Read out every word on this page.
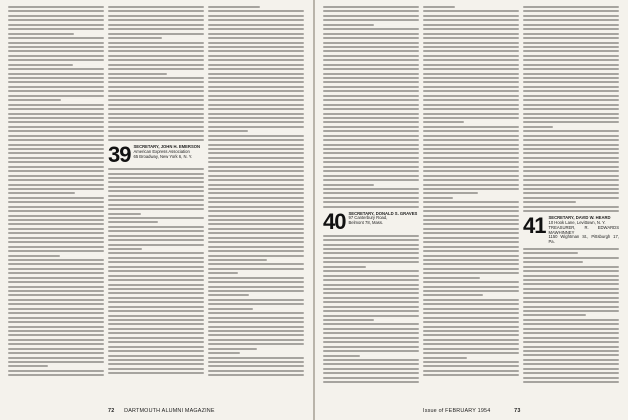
39 SECRETARY, JOHN H. EMERSON
American Express Association
65 Broadway, New York 6, N. Y.
72 DARTMOUTH ALUMNI MAGAZINE
40 SECRETARY, DONALD S. GRAVES
97 Canterbury Road,
Belmont 78, Mass.	41 SECRETARY, DAVID W. HEARD
10 Hook Lane, Levittown, N. Y.
TREASURER, R. EDWARDS MAWHINNEY
1150 Wightman St., Pittsburgh 17, Pa.
Issue of FEBRUARY 1954	73
